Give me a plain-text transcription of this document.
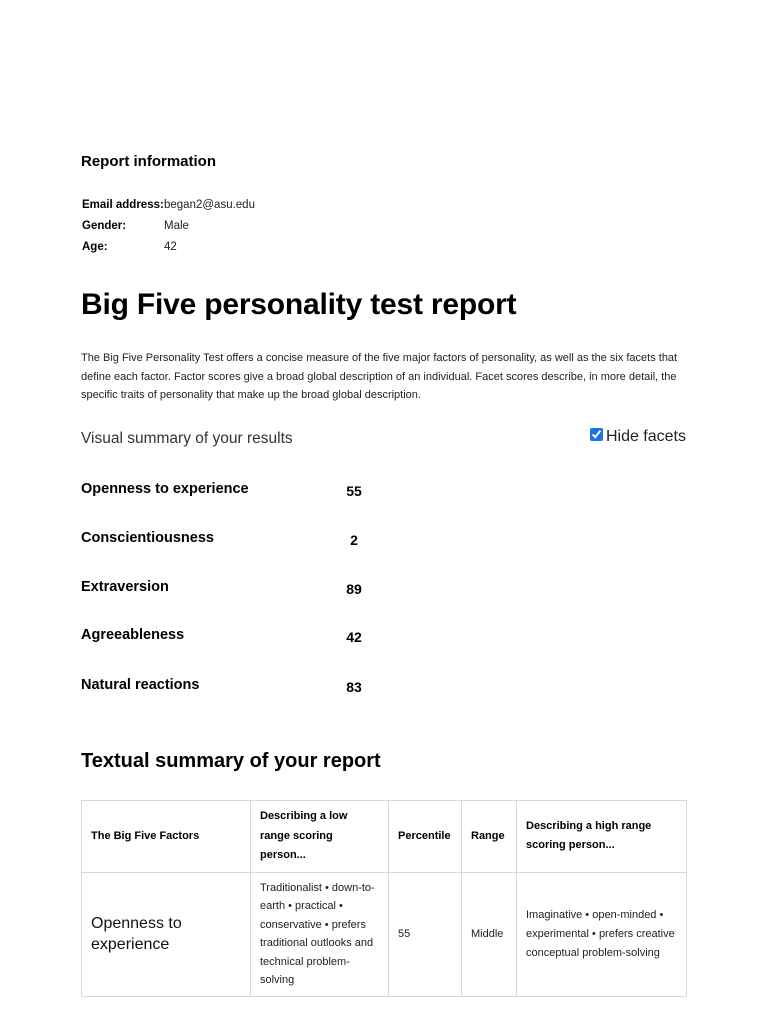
Report information
Email address: began2@asu.edu
Gender:	Male
Age:	42
Big Five personality test report

The Big Five Personality Test offers a concise measure of the five major factors of personality, as well as the six facets that define each factor. Factor scores give a broad global description of an individual. Facet scores describe, in more detail, the specific traits of personality that make up the broad global description.

Visual summary of your results	Hide facets
Openness to experience	55
Conscientiousness	2
Extraversion	89
Agreeableness	42
Natural reactions	83
Textual summary of your report
The Big Five Factors	Describing a low range scoring person...	Percentile	Range	Describing a high range scoring person...
Openness to experience	Traditionalist • down-to-earth • practical • conservative • prefers traditional outlooks and technical problem-solving	55	Middle	Imaginative • open-minded • experimental • prefers creative conceptual problem-solving
